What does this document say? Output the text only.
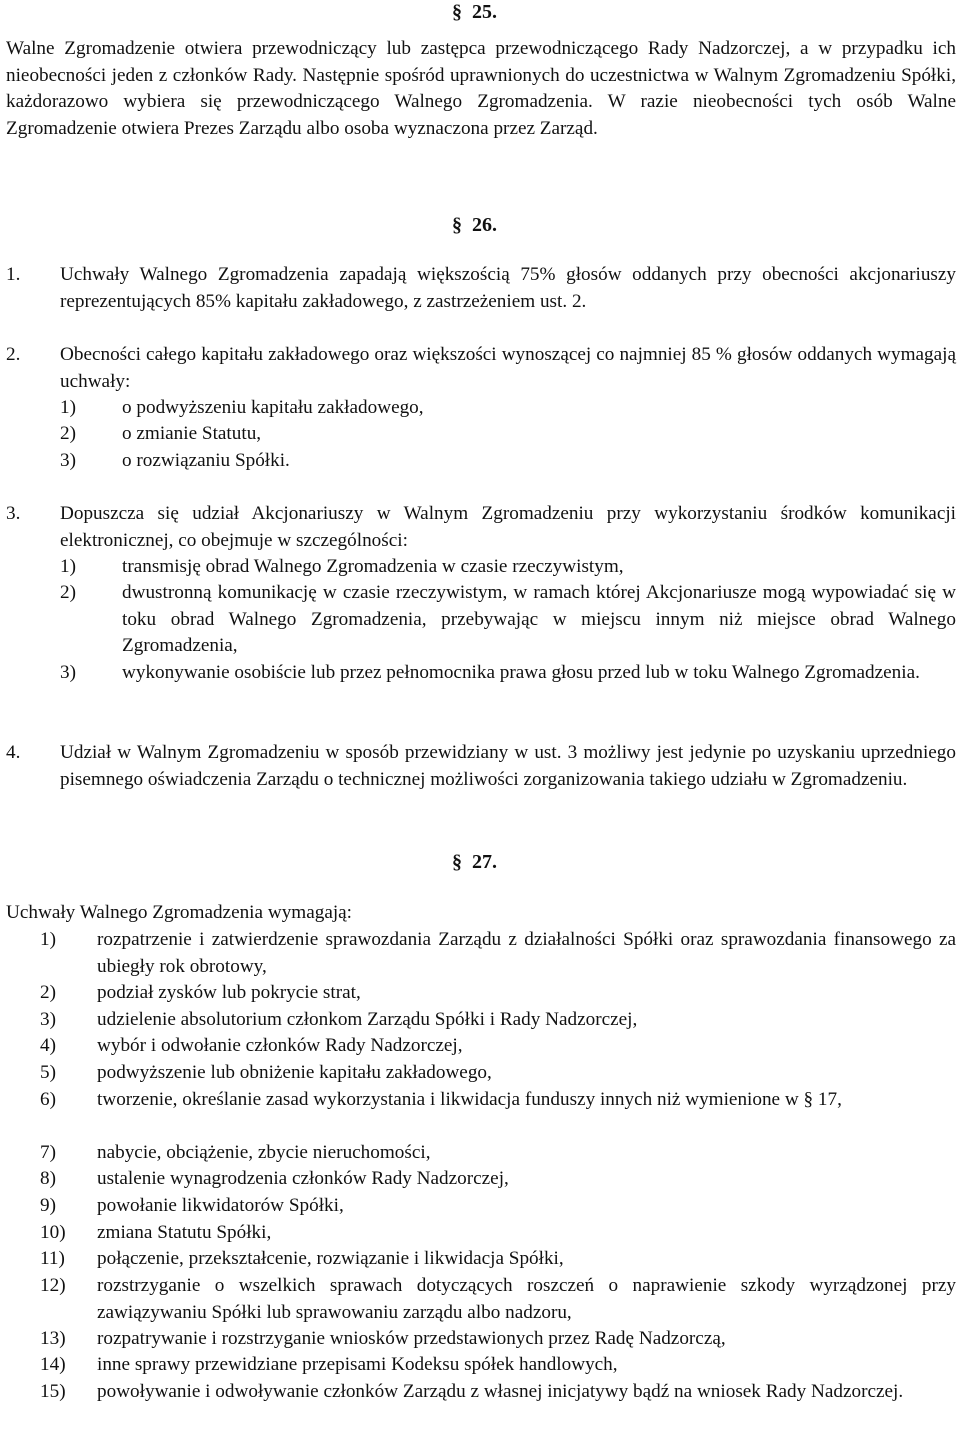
§ 25.
Walne Zgromadzenie otwiera przewodniczący lub zastępca przewodniczącego Rady Nadzorczej, a w przypadku ich nieobecności jeden z członków Rady. Następnie spośród uprawnionych do uczestnictwa w Walnym Zgromadzeniu Spółki, każdorazowo wybiera się przewodniczącego Walnego Zgromadzenia. W razie nieobecności tych osób Walne Zgromadzenie otwiera Prezes Zarządu albo osoba wyznaczona przez Zarząd.
§ 26.
1. Uchwały Walnego Zgromadzenia zapadają większością 75% głosów oddanych przy obecności akcjonariuszy reprezentujących 85% kapitału zakładowego, z zastrzeżeniem ust. 2.
2. Obecności całego kapitału zakładowego oraz większości wynoszącej co najmniej 85 % głosów oddanych wymagają uchwały:
1) o podwyższeniu kapitału zakładowego,
2) o zmianie Statutu,
3) o rozwiązaniu Spółki.
3. Dopuszcza się udział Akcjonariuszy w Walnym Zgromadzeniu przy wykorzystaniu środków komunikacji elektronicznej, co obejmuje w szczególności:
1) transmisję obrad Walnego Zgromadzenia w czasie rzeczywistym,
2) dwustronną komunikację w czasie rzeczywistym, w ramach której Akcjonariusze mogą wypowiadać się w toku obrad Walnego Zgromadzenia, przebywając w miejscu innym niż miejsce obrad Walnego Zgromadzenia,
3) wykonywanie osobiście lub przez pełnomocnika prawa głosu przed lub w toku Walnego Zgromadzenia.
4. Udział w Walnym Zgromadzeniu w sposób przewidziany w ust. 3 możliwy jest jedynie po uzyskaniu uprzedniego pisemnego oświadczenia Zarządu o technicznej możliwości zorganizowania takiego udziału w Zgromadzeniu.
§ 27.
Uchwały Walnego Zgromadzenia wymagają:
1) rozpatrzenie i zatwierdzenie sprawozdania Zarządu z działalności Spółki oraz sprawozdania finansowego za ubiegły rok obrotowy,
2) podział zysków lub pokrycie strat,
3) udzielenie absolutorium członkom Zarządu Spółki i Rady Nadzorczej,
4) wybór i odwołanie członków Rady Nadzorczej,
5) podwyższenie lub obniżenie kapitału zakładowego,
6) tworzenie, określanie zasad wykorzystania i likwidacja funduszy innych niż wymienione w § 17,
7) nabycie, obciążenie, zbycie nieruchomości,
8) ustalenie wynagrodzenia członków Rady Nadzorczej,
9) powołanie likwidatorów Spółki,
10) zmiana Statutu Spółki,
11) połączenie, przekształcenie, rozwiązanie i likwidacja Spółki,
12) rozstrzyganie o wszelkich sprawach dotyczących roszczeń o naprawienie szkody wyrządzonej przy zawiązywaniu Spółki lub sprawowaniu zarządu albo nadzoru,
13) rozpatrywanie i rozstrzyganie wniosków przedstawionych przez Radę Nadzorczą,
14) inne sprawy przewidziane przepisami Kodeksu spółek handlowych,
15) powoływanie i odwoływanie członków Zarządu z własnej inicjatywy bądź na wniosek Rady Nadzorczej.
